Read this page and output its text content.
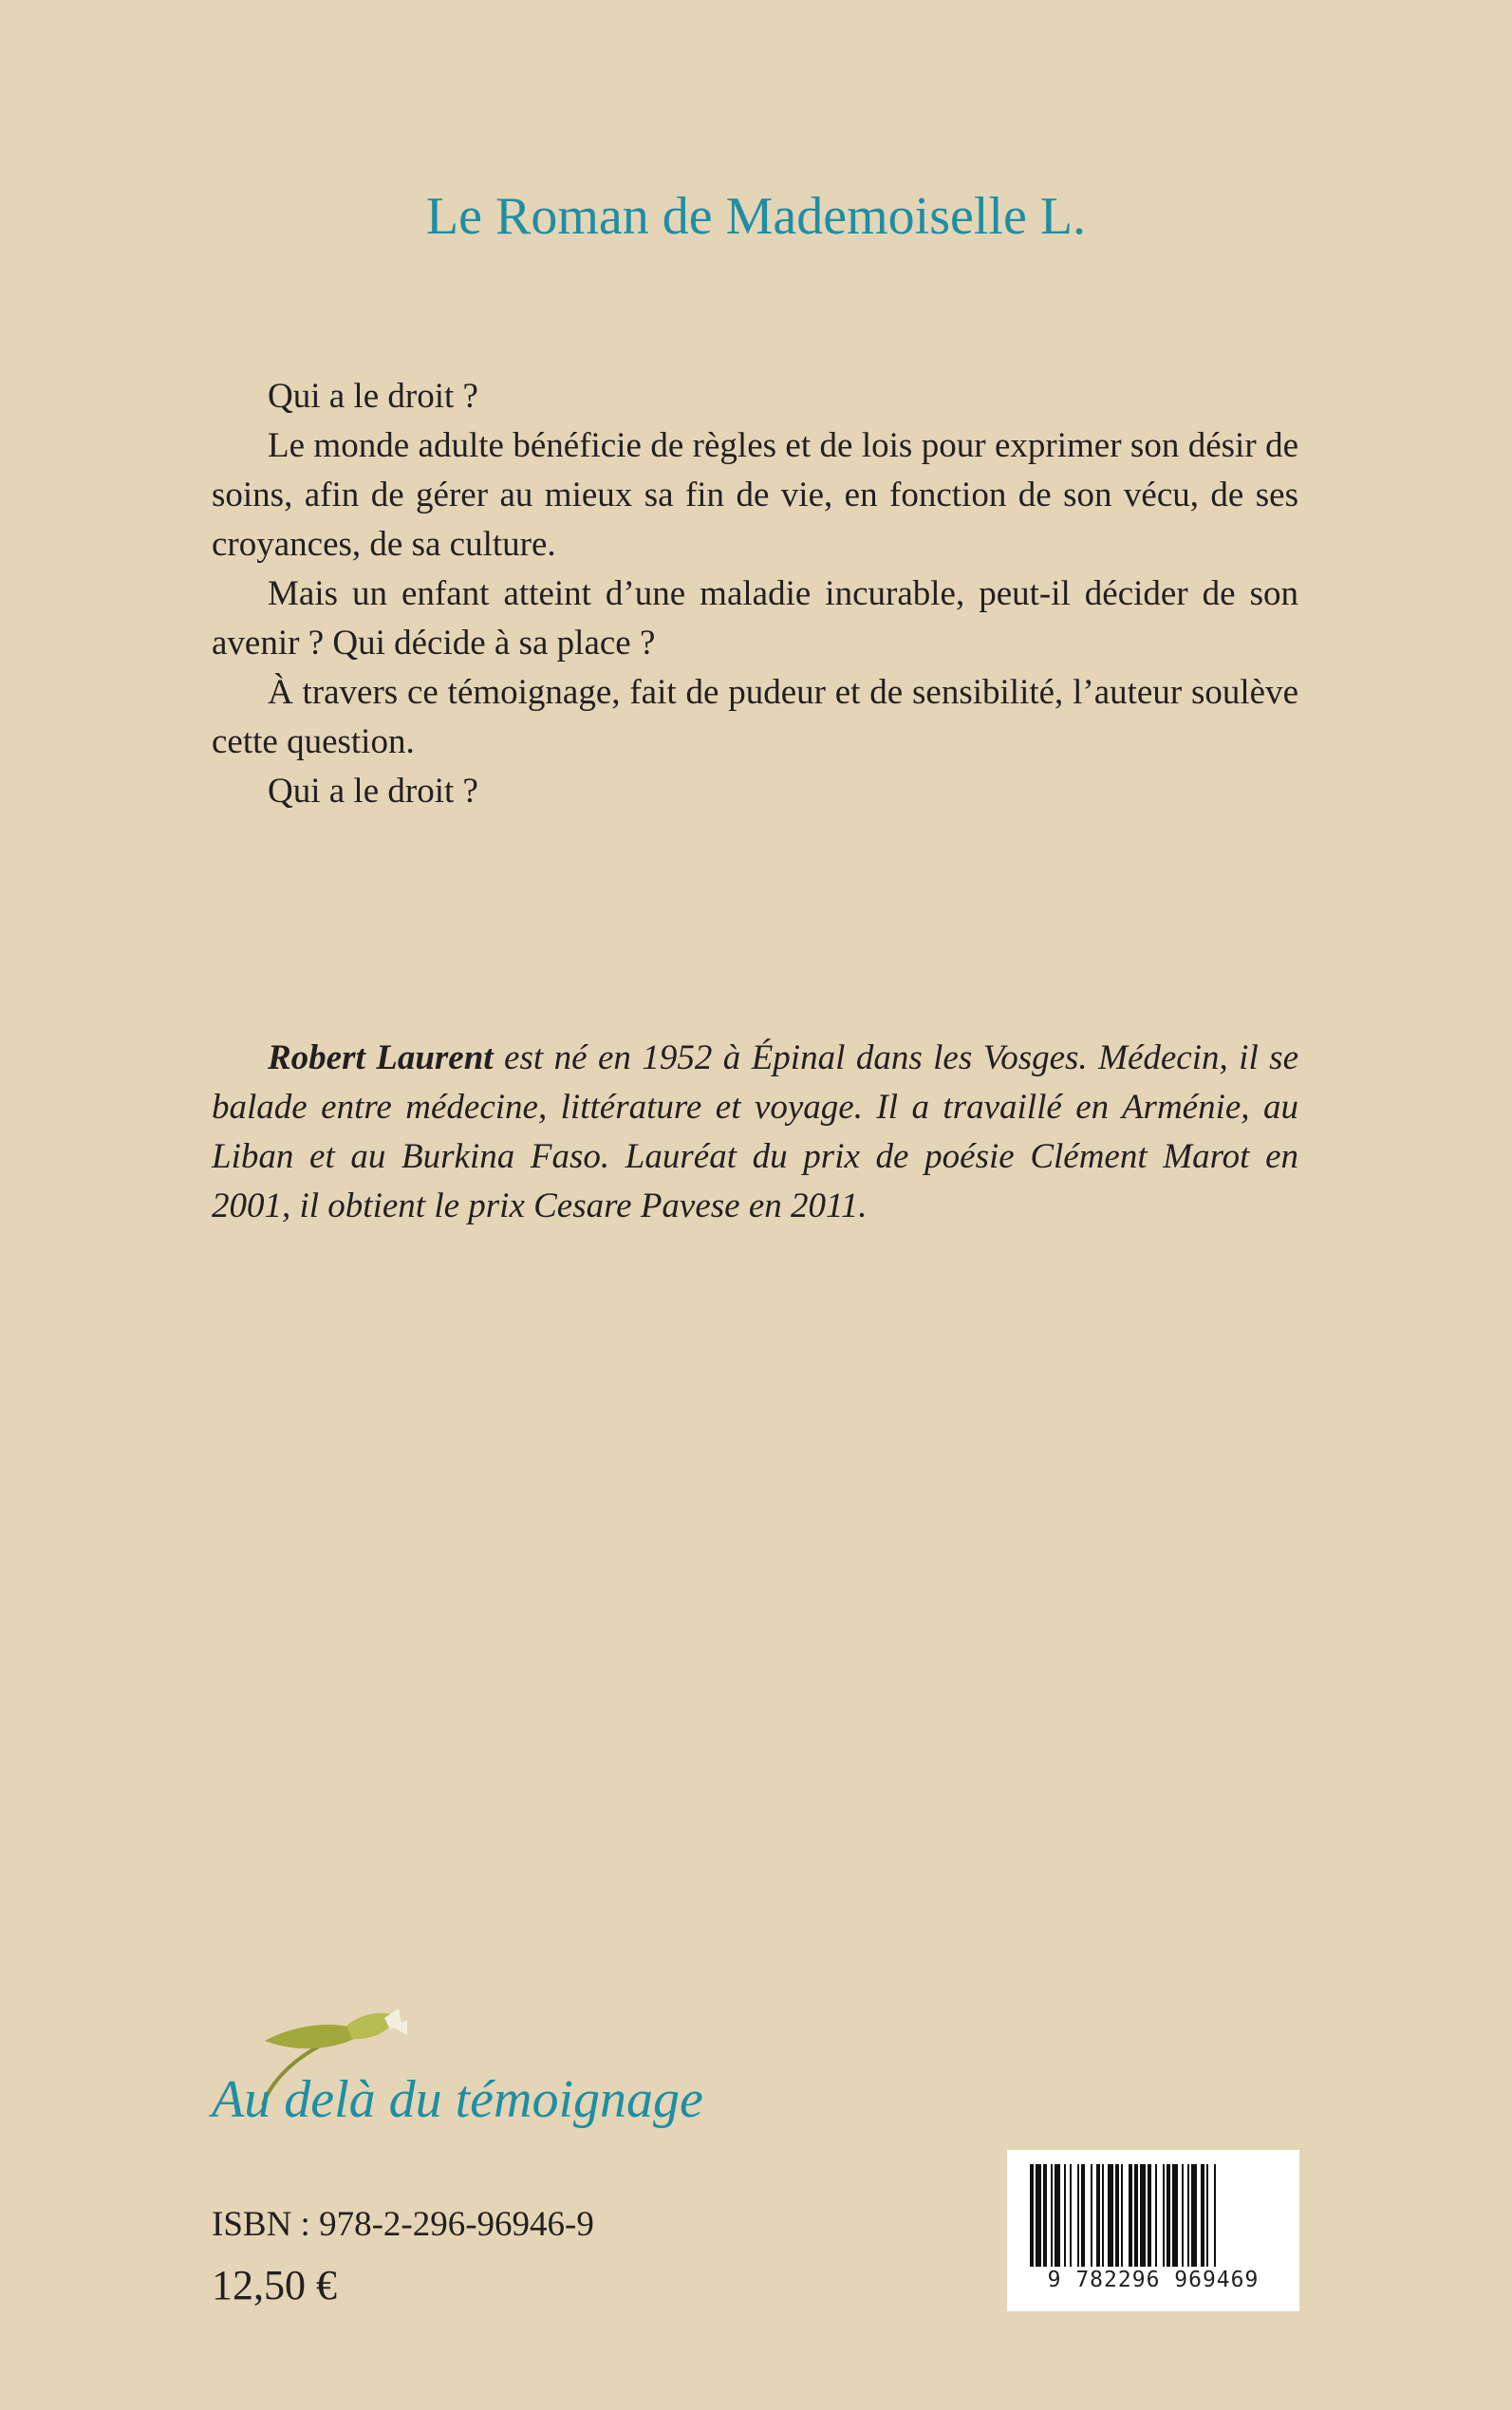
Le Roman de Mademoiselle L.

Qui a le droit ?

Le monde adulte bénéficie de règles et de lois pour exprimer son désir de soins, afin de gérer au mieux sa fin de vie, en fonction de son vécu, de ses croyances, de sa culture.

Mais un enfant atteint d’une maladie incurable, peut-il décider de son avenir ? Qui décide à sa place ?

À travers ce témoignage, fait de pudeur et de sensibilité, l’auteur soulève cette question.

Qui a le droit ?

Robert Laurent est né en 1952 à Épinal dans les Vosges. Médecin, il se balade entre médecine, littérature et voyage. Il a travaillé en Arménie, au Liban et au Burkina Faso. Lauréat du prix de poésie Clément Marot en 2001, il obtient le prix Cesare Pavese en 2011.

Au delà du témoignage
ISBN : 978-2-296-96946-9
12,50 €	9 782296 969469
